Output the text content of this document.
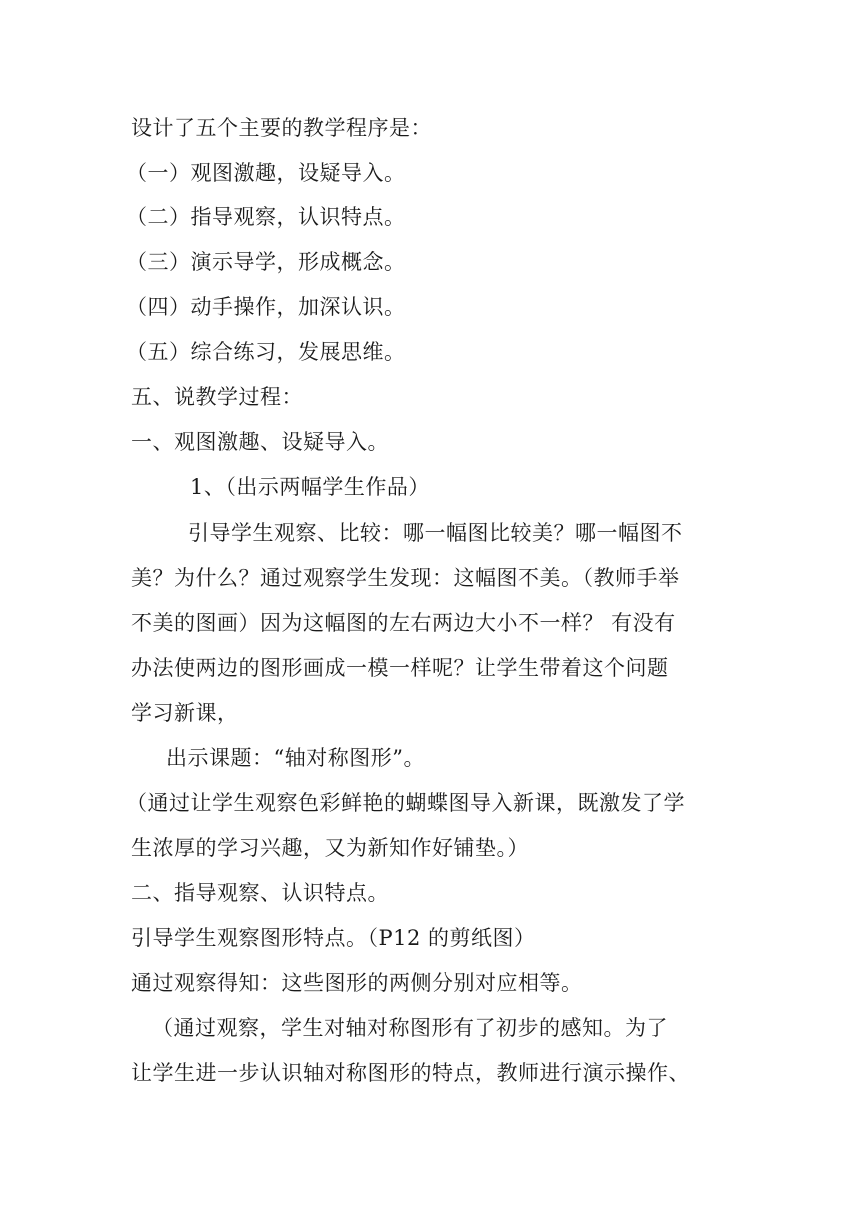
设计了五个主要的教学程序是：
（一）观图激趣，设疑导入。
（二）指导观察，认识特点。
（三）演示导学，形成概念。
（四）动手操作，加深认识。
（五）综合练习，发展思维。
五、说教学过程：
一、观图激趣、设疑导入。
1、（出示两幅学生作品）
引导学生观察、比较：哪一幅图比较美？哪一幅图不
美？为什么？通过观察学生发现：这幅图不美。（教师手举
不美的图画）因为这幅图的左右两边大小不一样？ 有没有
办法使两边的图形画成一模一样呢？让学生带着这个问题
学习新课，
出示课题：“轴对称图形”。
（通过让学生观察色彩鲜艳的蝴蝶图导入新课，既激发了学
生浓厚的学习兴趣，又为新知作好铺垫。）
二、指导观察、认识特点。
引导学生观察图形特点。（P12 的剪纸图）
通过观察得知：这些图形的两侧分别对应相等。
（通过观察，学生对轴对称图形有了初步的感知。为了
让学生进一步认识轴对称图形的特点，教师进行演示操作、
